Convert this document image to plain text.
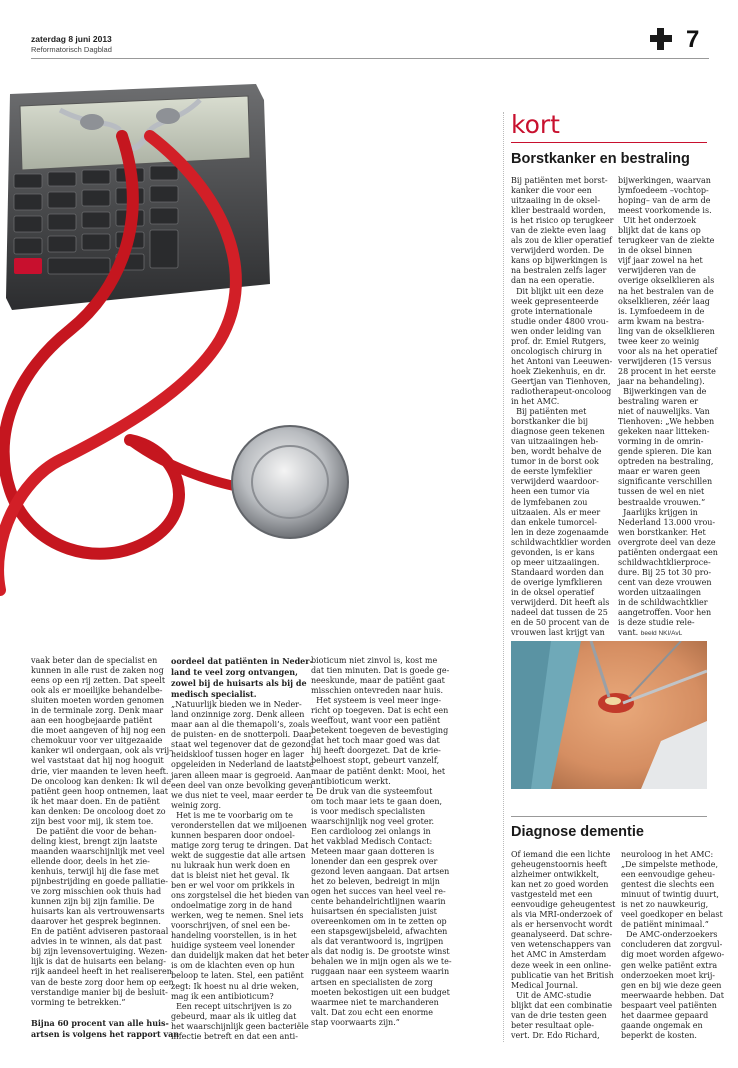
zaterdag 8 juni 2013
Reformatorisch Dagblad	7
kort
Borstkanker en bestraling
Bij patiënten met borst-
kanker die voor een
uitzaaiing in de oksel-
klier bestraald worden,
is het risico op terugkeer
van de ziekte even laag
als zou de klier operatief
verwijderd worden. De
kans op bijwerkingen is
na bestralen zelfs lager
dan na een operatie.
Dit blijkt uit een deze
week gepresenteerde
grote internationale
studie onder 4800 vrou-
wen onder leiding van
prof. dr. Emiel Rutgers,
oncologisch chirurg in
het Antoni van Leeuwen-
hoek Ziekenhuis, en dr.
Geertjan van Tienhoven,
radiotherapeut-oncoloog
in het AMC.
Bij patiënten met
borstkanker die bij
diagnose geen tekenen
van uitzaaiingen heb-
ben, wordt behalve de
tumor in de borst ook
de eerste lymfeklier
verwijderd waardoor-
heen een tumor via
de lymfebanen zou
uitzaaien. Als er meer
dan enkele tumorcel-
len in deze zogenaamde
schildwachtklier worden
gevonden, is er kans
op meer uitzaaiingen.
Standaard worden dan
de overige lymfklieren
in de oksel operatief
verwijderd. Dit heeft als
nadeel dat tussen de 25
en de 50 procent van de
vrouwen last krijgt van
bijwerkingen, waarvan
lymfoedeem –vochtop-
hoping– van de arm de
meest voorkomende is.
Uit het onderzoek
blijkt dat de kans op
terugkeer van de ziekte
in de oksel binnen
vijf jaar zowel na het
verwijderen van de
overige okselklieren als
na het bestralen van de
okselklieren, zéér laag
is. Lymfoedeem in de
arm kwam na bestra-
ling van de okselklieren
twee keer zo weinig
voor als na het operatief
verwijderen (15 versus
28 procent in het eerste
jaar na behandeling).
Bijwerkingen van de
bestraling waren er
niet of nauwelijks. Van
Tienhoven: „We hebben
gekeken naar litteken-
vorming in de omrin-
gende spieren. Die kan
optreden na bestraling,
maar er waren geen
significante verschillen
tussen de wel en niet
bestraalde vrouwen.”
Jaarlijks krijgen in
Nederland 13.000 vrou-
wen borstkanker. Het
overgrote deel van deze
patiënten ondergaat een
schildwachtklierproce-
dure. Bij 25 tot 30 pro-
cent van deze vrouwen
worden uitzaaiingen
in de schildwachtklier
aangetroffen. Voor hen
is deze studie rele-
vant. beeld NKI/AvL
vaak beter dan de specialist en
kunnen in alle rust de zaken nog
eens op een rij zetten. Dat speelt
ook als er moeilijke behandelbe-
sluiten moeten worden genomen
in de terminale zorg. Denk maar
aan een hoogbejaarde patiënt
die moet aangeven of hij nog een
chemokuur voor ver uitgezaaide
kanker wil ondergaan, ook als vrij-
wel vaststaat dat hij nog hooguit
drie, vier maanden te leven heeft.
De oncoloog kan denken: Ik wil de
patiënt geen hoop ontnemen, laat
ik het maar doen. En de patiënt
kan denken: De oncoloog doet zo
zijn best voor mij, ik stem toe.
De patiënt die voor de behan-
deling kiest, brengt zijn laatste
maanden waarschijnlijk met veel
ellende door, deels in het zie-
kenhuis, terwijl hij die fase met
pijnbestrijding en goede palliatie-
ve zorg misschien ook thuis had
kunnen zijn bij zijn familie. De
huisarts kan als vertrouwensarts
daarover het gesprek beginnen.
En de patiënt adviseren pastoraal
advies in te winnen, als dat past
bij zijn levensovertuiging. Wezen-
lijk is dat de huisarts een belang-
rijk aandeel heeft in het realiseren
van de beste zorg door hem op een
verstandige manier bij de besluit-
vorming te betrekken.”

Bijna 60 procent van alle huis-
artsen is volgens het rapport van
oordeel dat patiënten in Neder-
land te veel zorg ontvangen,
zowel bij de huisarts als bij de
medisch specialist.
„Natuurlijk bieden we in Neder-
land onzinnige zorg. Denk alleen
maar aan al die themapoli’s, zoals
de puisten- en de snotterpoli. Daar
staat wel tegenover dat de gezond-
heidskloof tussen hoger en lager
opgeleiden in Nederland de laatste
jaren alleen maar is gegroeid. Aan
een deel van onze bevolking geven
we dus niet te veel, maar eerder te
weinig zorg.
Het is me te voorbarig om te
veronderstellen dat we miljoenen
kunnen besparen door ondoel-
matige zorg terug te dringen. Dat
wekt de suggestie dat alle artsen
nu lukraak hun werk doen en
dat is bleist niet het geval. Ik
ben er wel voor om prikkels in
ons zorgstelsel die het bieden van
ondoelmatige zorg in de hand
werken, weg te nemen. Snel iets
voorschrijven, of snel een be-
handeling voorstellen, is in het
huidige systeem veel lonender
dan duidelijk maken dat het beter
is om de klachten even op hun
beloop te laten. Stel, een patiënt
zegt: Ik hoest nu al drie weken,
mag ik een antibioticum?
Een recept uitschrijven is zo
gebeurd, maar als ik uitleg dat
het waarschijnlijk geen bacteriële
infectie betreft en dat een anti-
bioticum niet zinvol is, kost me
dat tien minuten. Dat is goede ge-
neeskunde, maar de patiënt gaat
misschien ontevreden naar huis.
Het systeem is veel meer inge-
richt op toegeven. Dat is echt een
weeffout, want voor een patiënt
betekent toegeven de bevestiging
dat het toch maar goed was dat
hij heeft doorgezet. Dat de krie-
belhoest stopt, gebeurt vanzelf,
maar de patiënt denkt: Mooi, het
antibioticum werkt.
De druk van die systeemfout
om toch maar iets te gaan doen,
is voor medisch specialisten
waarschijnlijk nog veel groter.
Een cardioloog zei onlangs in
het vakblad Medisch Contact:
Meteen maar gaan dotteren is
lonender dan een gesprek over
gezond leven aangaan. Dat artsen
het zo beleven, bedreigt in mijn
ogen het succes van heel veel re-
cente behandelrichtlijnen waarin
huisartsen én specialisten juist
overeenkomen om in te zetten op
een stapsgewijsbeleid, afwachten
als dat verantwoord is, ingrijpen
als dat nodig is. De grootste winst
behalen we in mijn ogen als we te-
ruggaan naar een systeem waarin
artsen en specialisten de zorg
moeten bekostigen uit een budget
waarmee niet te marchanderen
valt. Dat zou echt een enorme
stap voorwaarts zijn.”
Diagnose dementie
Of iemand die een lichte
geheugenstoornis heeft
alzheimer ontwikkelt,
kan net zo goed worden
vastgesteld met een
eenvoudige geheugentest
als via MRI-onderzoek of
als er hersenvocht wordt
geanalyseerd. Dat schre-
ven wetenschappers van
het AMC in Amsterdam
deze week in een online-
publicatie van het British
Medical Journal.
Uit de AMC-studie
blijkt dat een combinatie
van de drie testen geen
beter resultaat ople-
vert. Dr. Edo Richard,
neuroloog in het AMC:
„De simpelste methode,
een eenvoudige geheu-
gentest die slechts een
minuut of twintig duurt,
is net zo nauwkeurig,
veel goedkoper en belast
de patiënt minimaal.”
De AMC-onderzoekers
concluderen dat zorgvul-
dig moet worden afgewo-
gen welke patiënt extra
onderzoeken moet krij-
gen en bij wie deze geen
meerwaarde hebben. Dat
bespaart veel patiënten
het daarmee gepaard
gaande ongemak en
beperkt de kosten.
